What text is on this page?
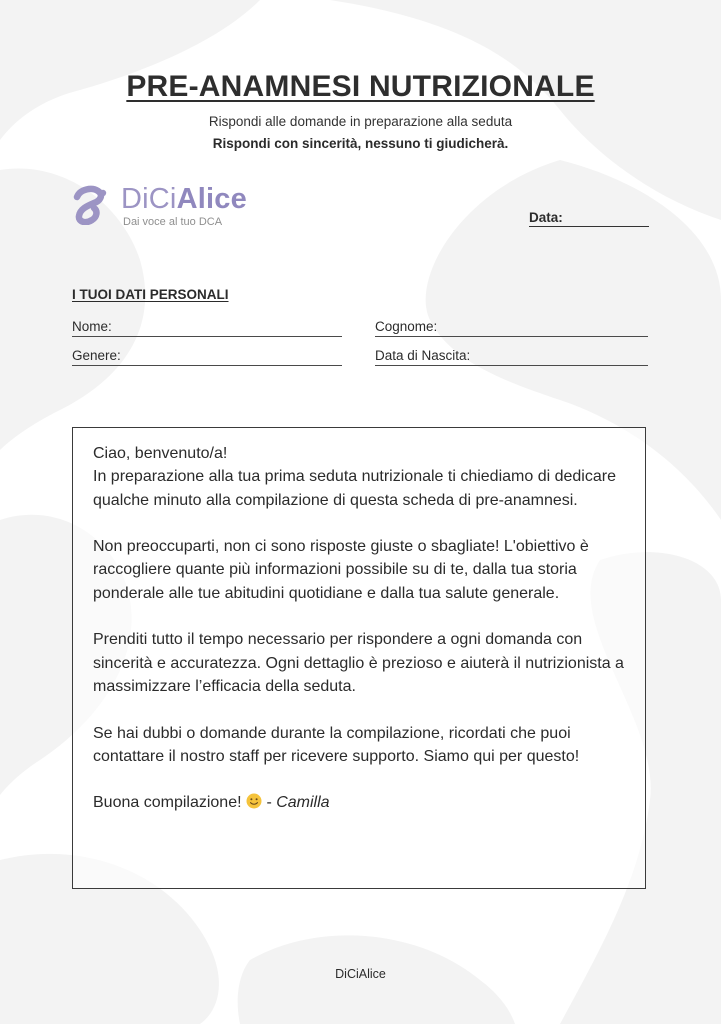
PRE-ANAMNESI NUTRIZIONALE
Rispondi alle domande in preparazione alla seduta
Rispondi con sincerità, nessuno ti giudicherà.
DiCiAlice
Dai voce al tuo DCA	Data:
I TUOI DATI PERSONALI
Nome:	Cognome:
Genere:	Data di Nascita:

Ciao, benvenuto/a!
In preparazione alla tua prima seduta nutrizionale ti chiediamo di dedicare qualche minuto alla compilazione di questa scheda di pre-anamnesi.

Non preoccuparti, non ci sono risposte giuste o sbagliate! L'obiettivo è raccogliere quante più informazioni possibile su di te, dalla tua storia ponderale alle tue abitudini quotidiane e dalla tua salute generale.

Prenditi tutto il tempo necessario per rispondere a ogni domanda con sincerità e accuratezza. Ogni dettaglio è prezioso e aiuterà il nutrizionista a massimizzare l’efficacia della seduta.

Se hai dubbi o domande durante la compilazione, ricordati che puoi contattare il nostro staff per ricevere supporto. Siamo qui per questo!

Buona compilazione!  - Camilla

DiCiAlice
